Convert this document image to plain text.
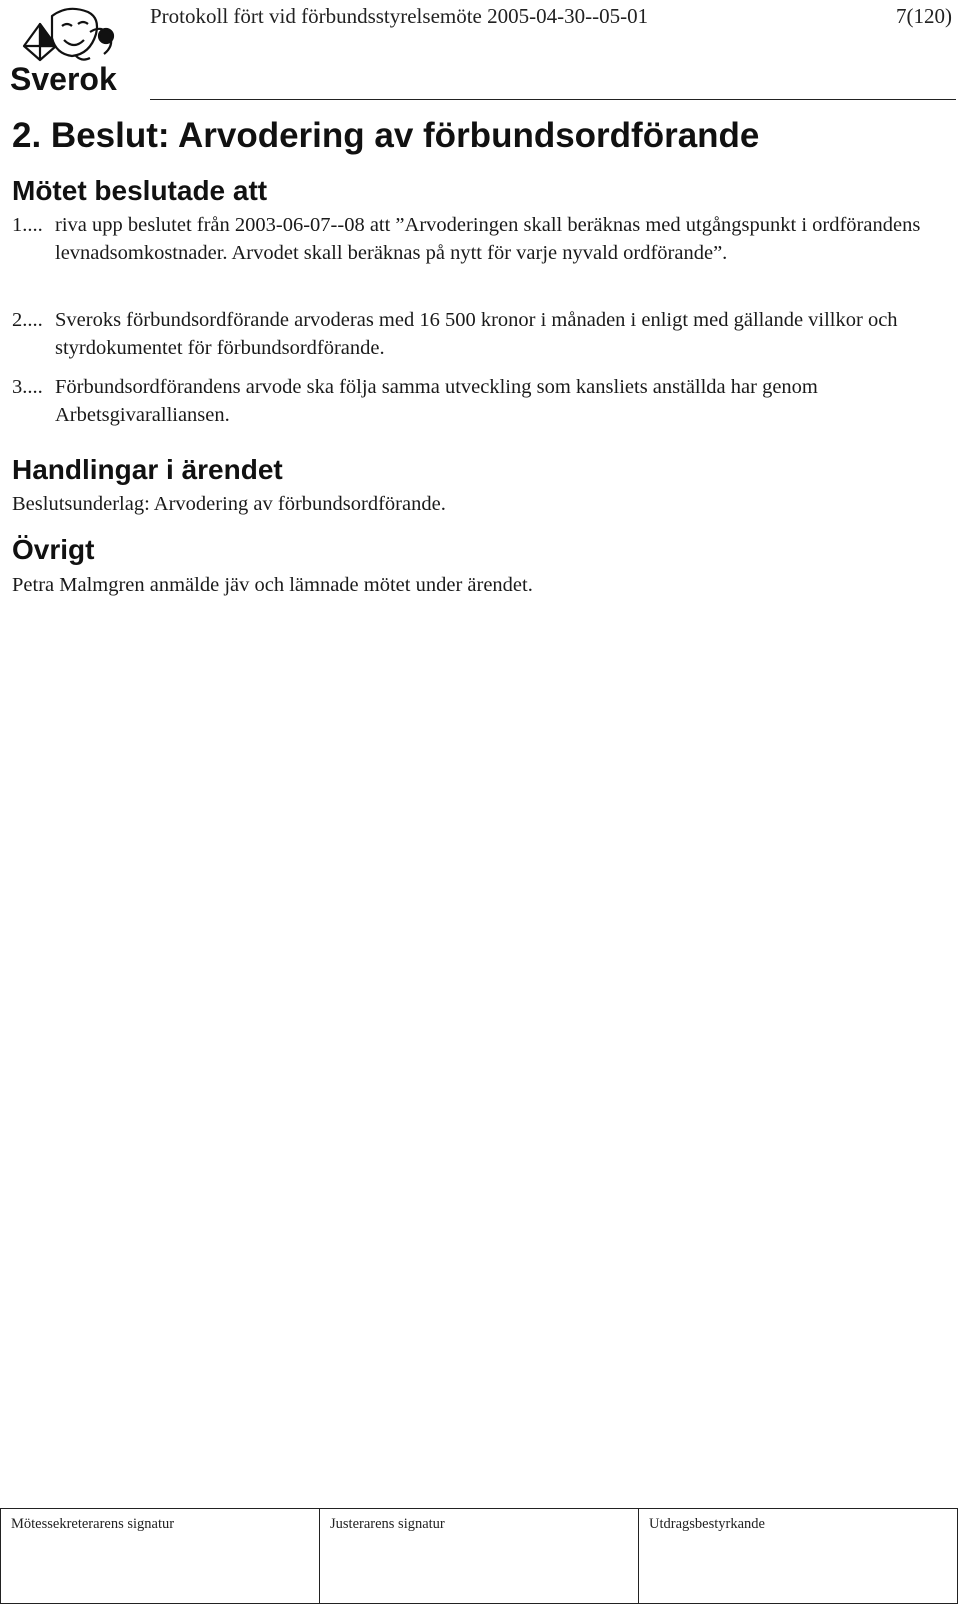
Sverok
Protokoll fört vid förbundsstyrelsemöte 2005-04-30--05-01	7(120)
2. Beslut: Arvodering av förbundsordförande
Mötet beslutade att
1.... riva upp beslutet från 2003-06-07--08 att ”Arvoderingen skall beräknas med utgångspunkt i ordförandens levnadsomkostnader. Arvodet skall beräknas på nytt för varje nyvald ordförande”.
2.... Sveroks förbundsordförande arvoderas med 16 500 kronor i månaden i enligt med gällande villkor och styrdokumentet för förbundsordförande.
3.... Förbundsordförandens arvode ska följa samma utveckling som kansliets anställda har genom Arbetsgivaralliansen.
Handlingar i ärendet
Beslutsunderlag: Arvodering av förbundsordförande.
Övrigt
Petra Malmgren anmälde jäv och lämnade mötet under ärendet.
Mötessekreterarens signatur	Justerarens signatur	Utdragsbestyrkande
